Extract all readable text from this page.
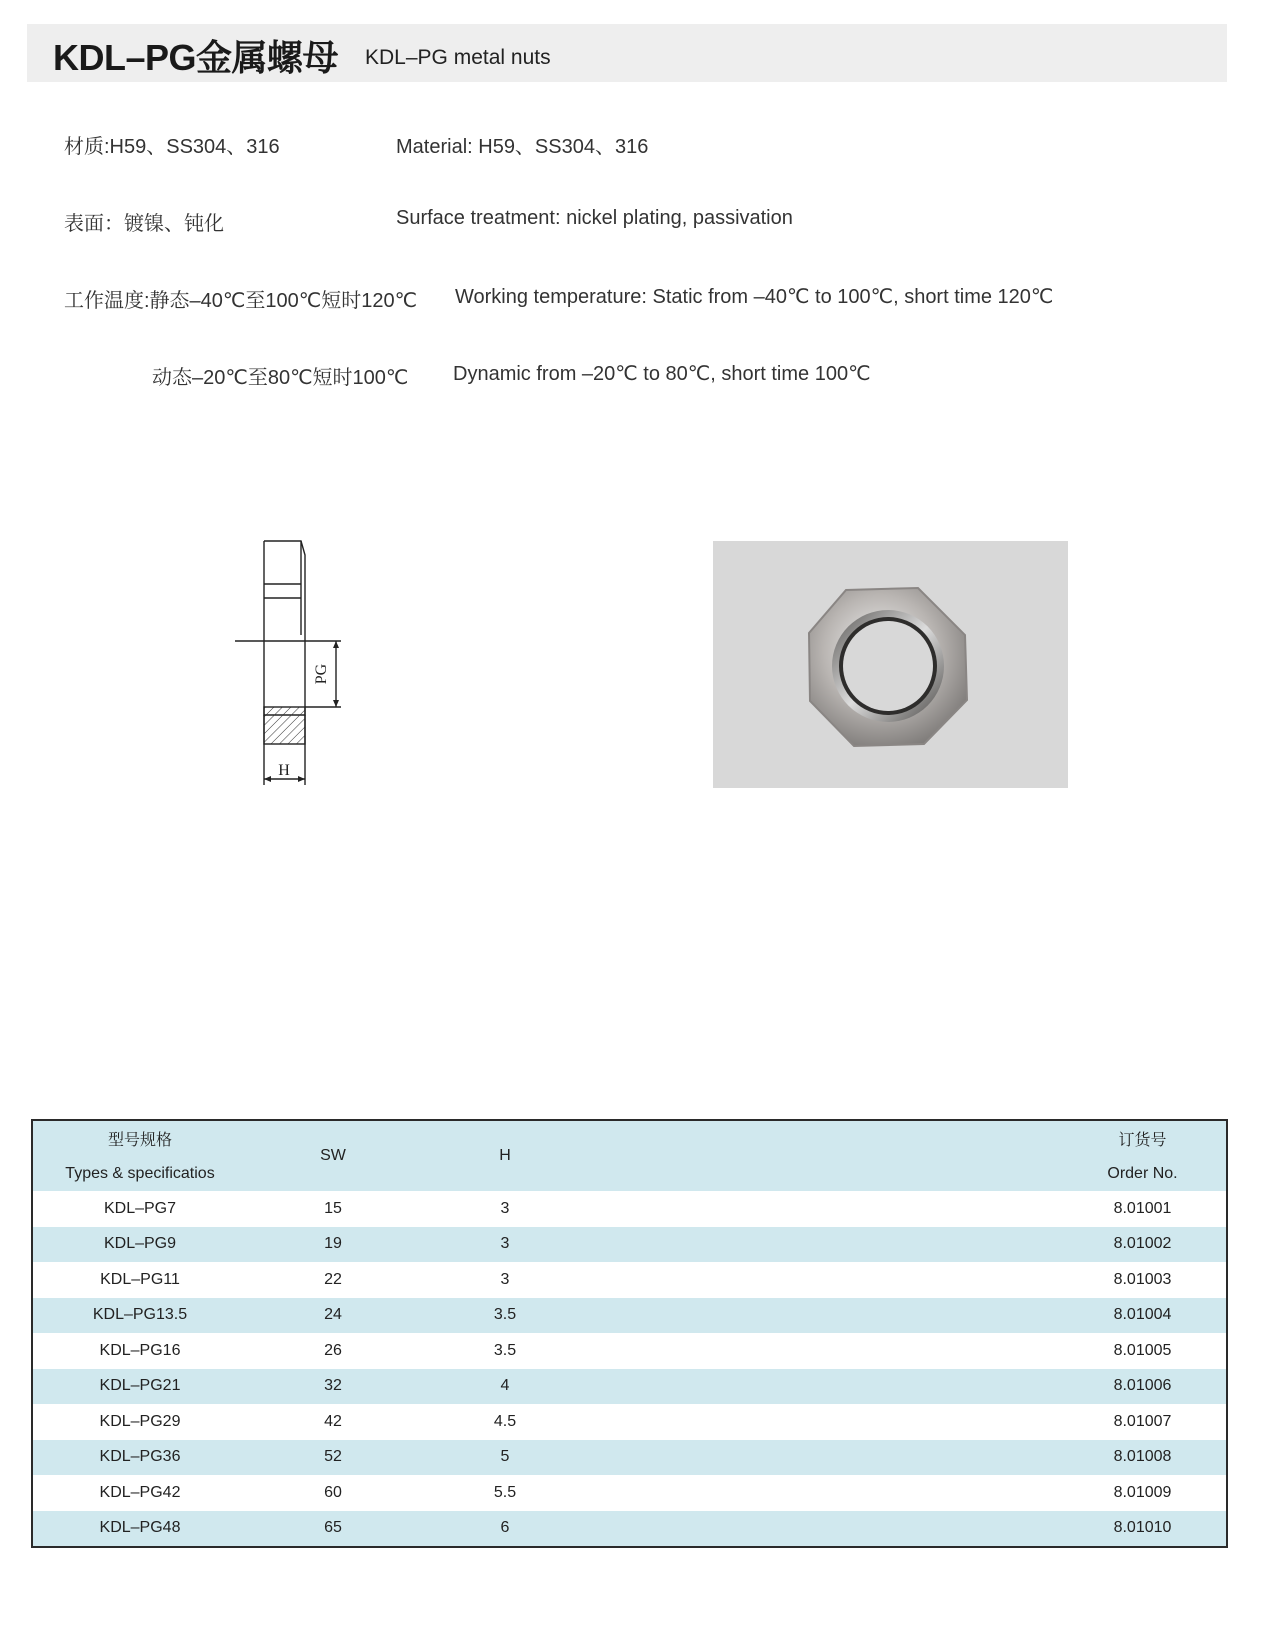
KDL–PG金属螺母 KDL–PG metal nuts
材质:H59、SS304、316	Material: H59、SS304、316
表面：镀镍、钝化	Surface treatment: nickel plating, passivation
工作温度:静态–40℃至100℃短时120℃ Working temperature: Static from –40℃ to 100℃, short time 120℃
动态–20℃至80℃短时100℃ Dynamic from –20℃ to 80℃, short time 100℃
PG
H
型号规格	SW	H		订货号
Types & specificatios				Order No.
KDL–PG7	15	3		8.01001
KDL–PG9	19	3		8.01002
KDL–PG11	22	3		8.01003
KDL–PG13.5	24	3.5		8.01004
KDL–PG16	26	3.5		8.01005
KDL–PG21	32	4		8.01006
KDL–PG29	42	4.5		8.01007
KDL–PG36	52	5		8.01008
KDL–PG42	60	5.5		8.01009
KDL–PG48	65	6		8.01010
